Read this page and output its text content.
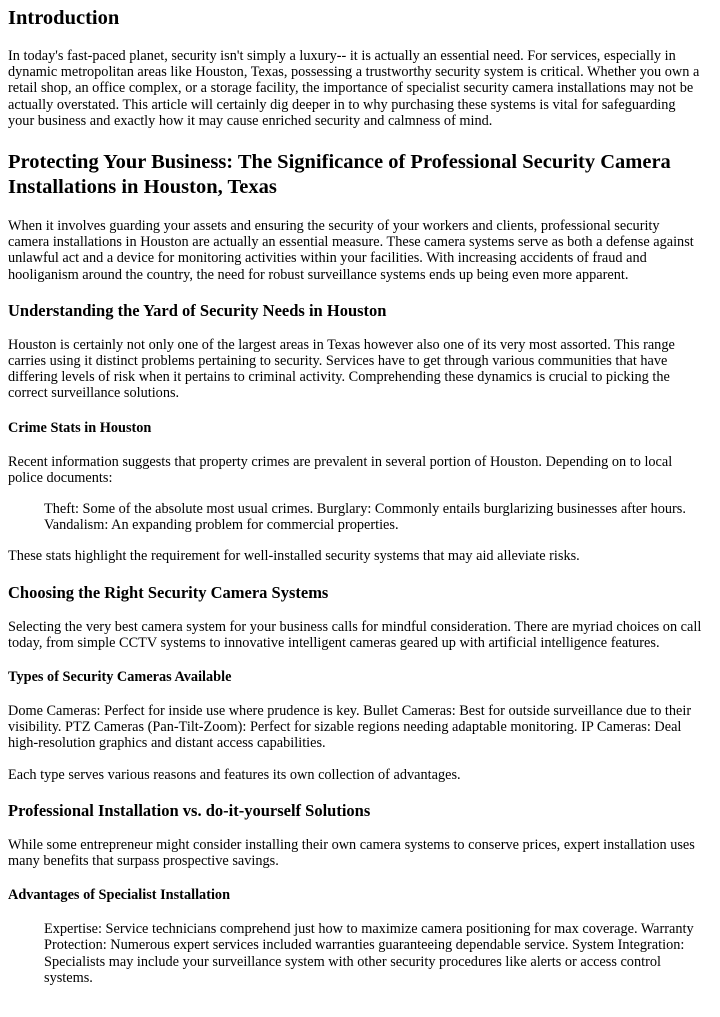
Introduction

In today's fast-paced planet, security isn't simply a luxury-- it is actually an essential need. For services, especially in
dynamic metropolitan areas like Houston, Texas, possessing a trustworthy security system is critical. Whether you own a
retail shop, an office complex, or a storage facility, the importance of specialist security camera installations may not be
actually overstated. This article will certainly dig deeper in to why purchasing these systems is vital for safeguarding
your business and exactly how it may cause enriched security and calmness of mind.

Protecting Your Business: The Significance of Professional Security Camera
Installations in Houston, Texas

When it involves guarding your assets and ensuring the security of your workers and clients, professional security
camera installations in Houston are actually an essential measure. These camera systems serve as both a defense against
unlawful act and a device for monitoring activities within your facilities. With increasing accidents of fraud and
hooliganism around the country, the need for robust surveillance systems ends up being even more apparent.

Understanding the Yard of Security Needs in Houston

Houston is certainly not only one of the largest areas in Texas however also one of its very most assorted. This range
carries using it distinct problems pertaining to security. Services have to get through various communities that have
differing levels of risk when it pertains to criminal activity. Comprehending these dynamics is crucial to picking the
correct surveillance solutions.

Crime Stats in Houston

Recent information suggests that property crimes are prevalent in several portion of Houston. Depending on to local
police documents:

Theft: Some of the absolute most usual crimes. Burglary: Commonly entails burglarizing businesses after hours.
Vandalism: An expanding problem for commercial properties.

These stats highlight the requirement for well-installed security systems that may aid alleviate risks.

Choosing the Right Security Camera Systems

Selecting the very best camera system for your business calls for mindful consideration. There are myriad choices on call
today, from simple CCTV systems to innovative intelligent cameras geared up with artificial intelligence features.

Types of Security Cameras Available

Dome Cameras: Perfect for inside use where prudence is key. Bullet Cameras: Best for outside surveillance due to their
visibility. PTZ Cameras (Pan-Tilt-Zoom): Perfect for sizable regions needing adaptable monitoring. IP Cameras: Deal
high-resolution graphics and distant access capabilities.

Each type serves various reasons and features its own collection of advantages.

Professional Installation vs. do-it-yourself Solutions

While some entrepreneur might consider installing their own camera systems to conserve prices, expert installation uses
many benefits that surpass prospective savings.

Advantages of Specialist Installation

Expertise: Service technicians comprehend just how to maximize camera positioning for max coverage. Warranty
Protection: Numerous expert services included warranties guaranteeing dependable service. System Integration:
Specialists may include your surveillance system with other security procedures like alerts or access control
systems.
